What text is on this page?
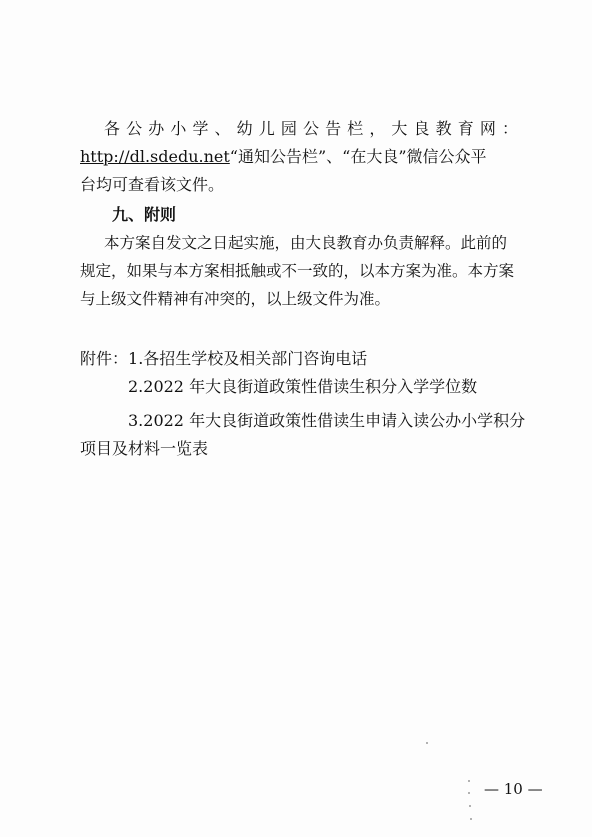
各公办小学、幼儿园公告栏，大良教育网：
http://dl.sdedu.net“通知公告栏”、“在大良”微信公众平
台均可查看该文件。
九、附则
本方案自发文之日起实施，由大良教育办负责解释。此前的
规定，如果与本方案相抵触或不一致的，以本方案为准。本方案
与上级文件精神有冲突的，以上级文件为准。
附件：1.各招生学校及相关部门咨询电话
2.2022 年大良街道政策性借读生积分入学学位数
3.2022 年大良街道政策性借读生申请入读公办小学积分
项目及材料一览表
— 10 —
